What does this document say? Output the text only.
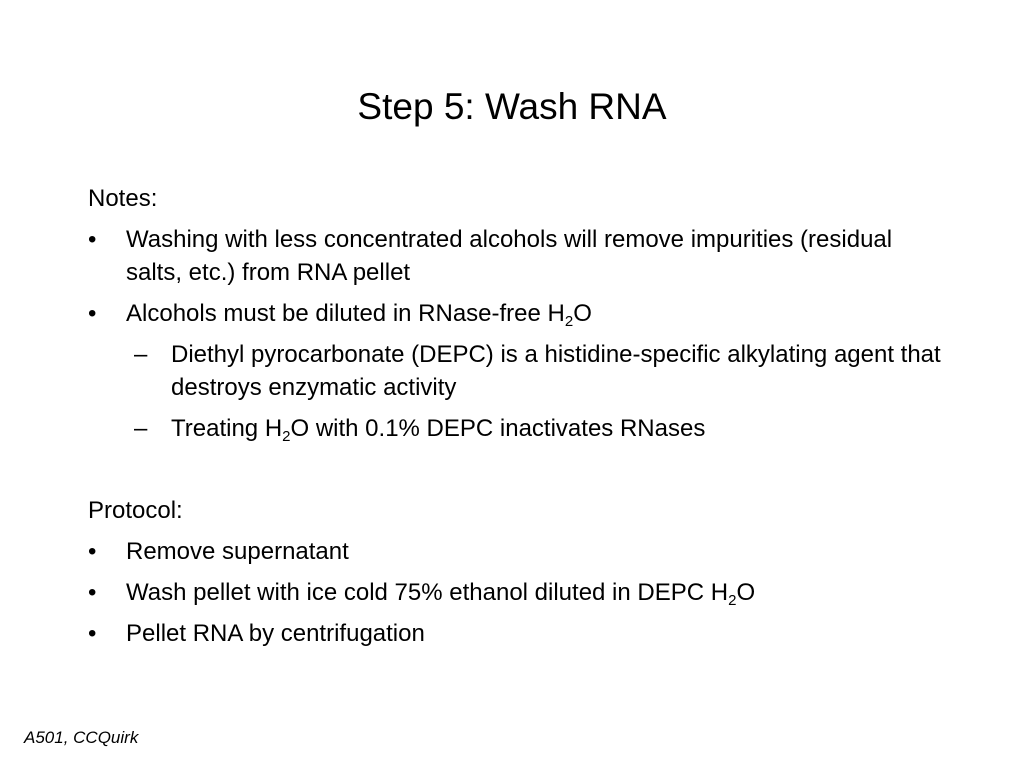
Step 5: Wash RNA

Notes:

• Washing with less concentrated alcohols will remove impurities (residual salts, etc.) from RNA pellet
• Alcohols must be diluted in RNase-free $H_2O$
– Diethyl pyrocarbonate (DEPC) is a histidine-specific alkylating agent that destroys enzymatic activity
– Treating $H_2O$ with 0.1% DEPC inactivates RNases

Protocol:

• Remove supernatant
• Wash pellet with ice cold 75% ethanol diluted in DEPC $H_2O$
• Pellet RNA by centrifugation
A501, CCQuirk
